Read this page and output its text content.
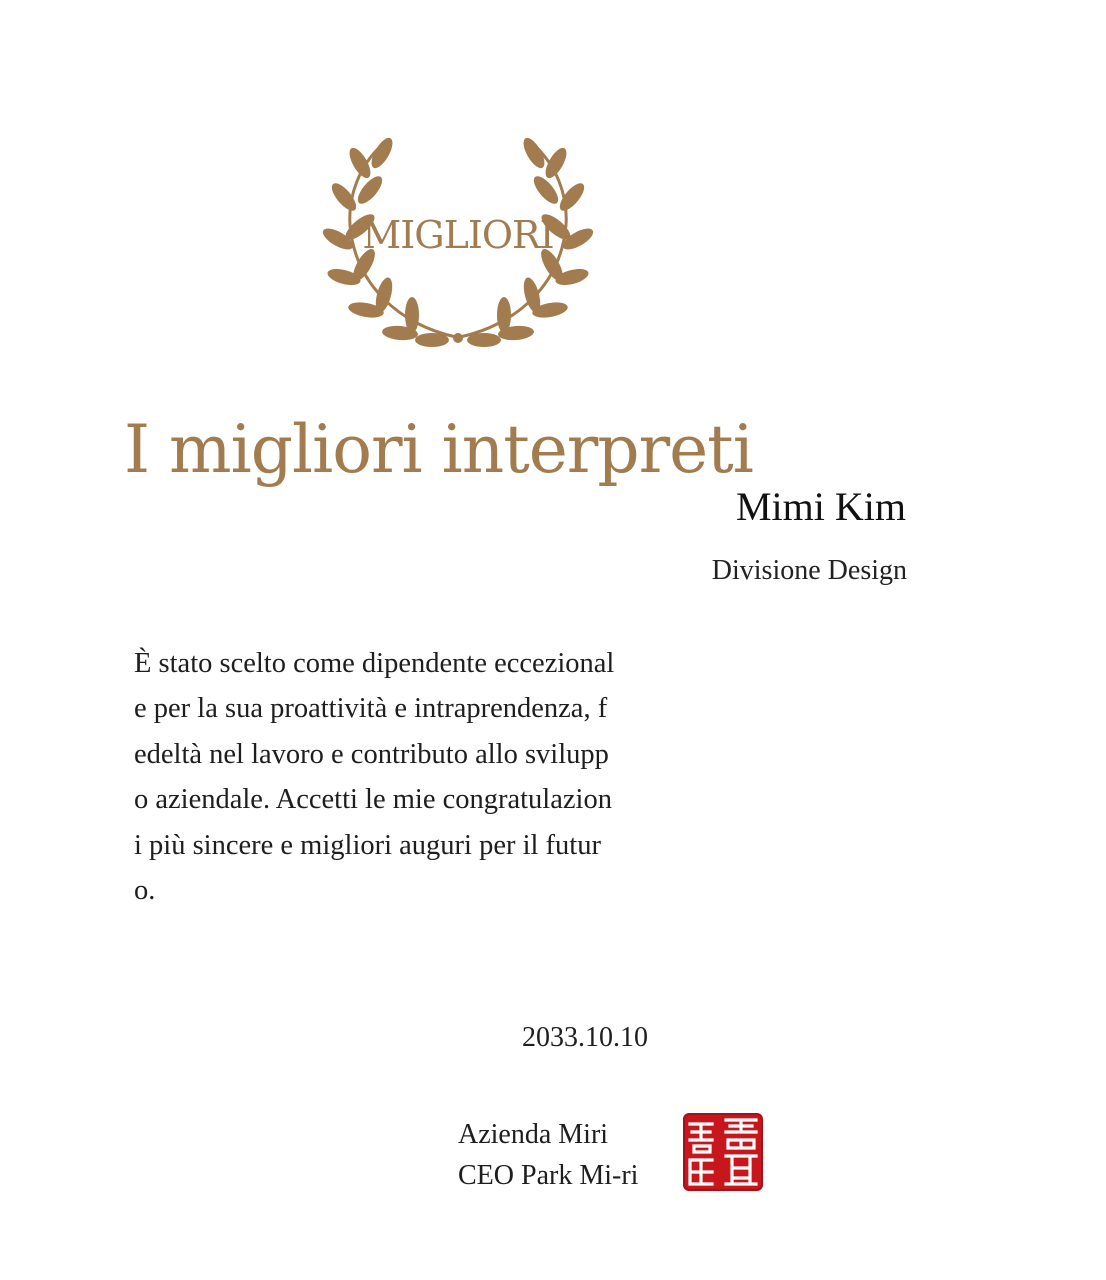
MIGLIORI
I migliori interpreti
Mimi Kim
Divisione Design
È stato scelto come dipendente eccezional
e per la sua proattività e intraprendenza, f
edeltà nel lavoro e contributo allo svilupp
o aziendale. Accetti le mie congratulazion
i più sincere e migliori auguri per il futur
o.
2033.10.10
Azienda Miri
CEO Park Mi-ri
